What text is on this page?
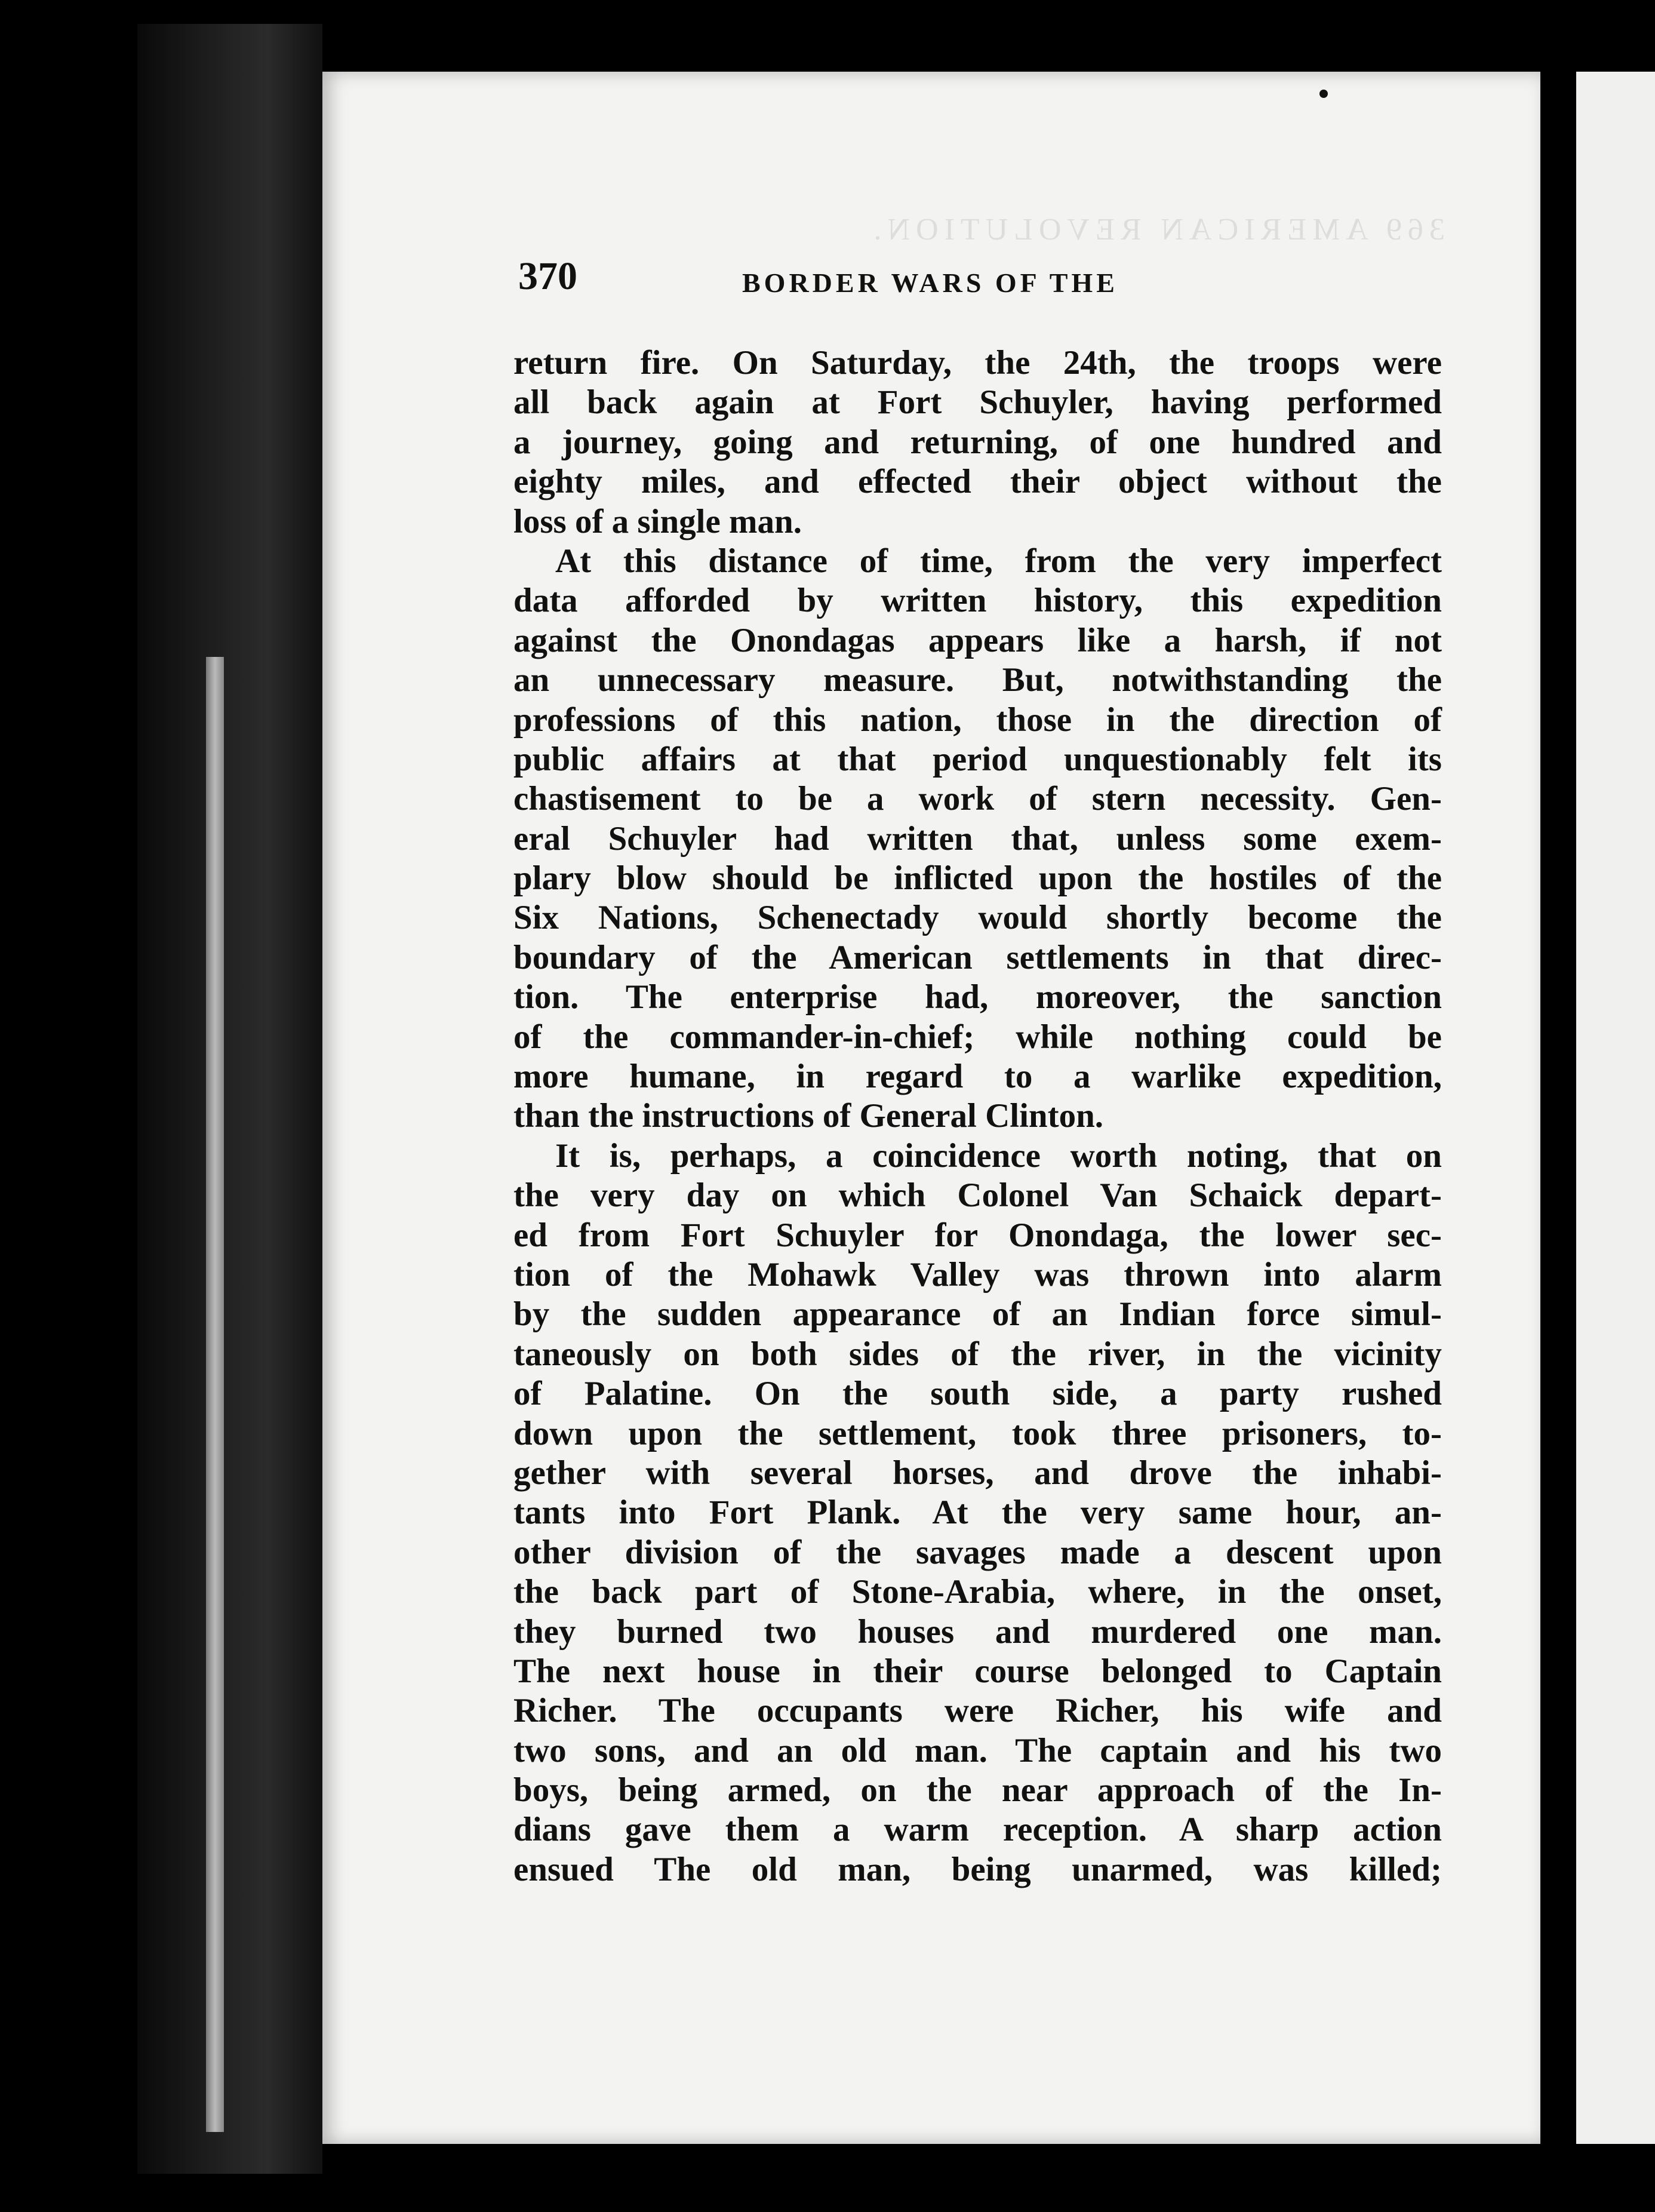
369 AMERICAN REVOLUTION.
370	BORDER WARS OF THE
return fire. On Saturday, the 24th, the troops were
all back again at Fort Schuyler, having performed
a journey, going and returning, of one hundred and
eighty miles, and effected their object without the
loss of a single man.
At this distance of time, from the very imperfect
data afforded by written history, this expedition
against the Onondagas appears like a harsh, if not
an unnecessary measure. But, notwithstanding the
professions of this nation, those in the direction of
public affairs at that period unquestionably felt its
chastisement to be a work of stern necessity. Gen-
eral Schuyler had written that, unless some exem-
plary blow should be inflicted upon the hostiles of the
Six Nations, Schenectady would shortly become the
boundary of the American settlements in that direc-
tion. The enterprise had, moreover, the sanction
of the commander-in-chief; while nothing could be
more humane, in regard to a warlike expedition,
than the instructions of General Clinton.
It is, perhaps, a coincidence worth noting, that on
the very day on which Colonel Van Schaick depart-
ed from Fort Schuyler for Onondaga, the lower sec-
tion of the Mohawk Valley was thrown into alarm
by the sudden appearance of an Indian force simul-
taneously on both sides of the river, in the vicinity
of Palatine. On the south side, a party rushed
down upon the settlement, took three prisoners, to-
gether with several horses, and drove the inhabi-
tants into Fort Plank. At the very same hour, an-
other division of the savages made a descent upon
the back part of Stone-Arabia, where, in the onset,
they burned two houses and murdered one man.
The next house in their course belonged to Captain
Richer. The occupants were Richer, his wife and
two sons, and an old man. The captain and his two
boys, being armed, on the near approach of the In-
dians gave them a warm reception. A sharp action
ensued The old man, being unarmed, was killed;
